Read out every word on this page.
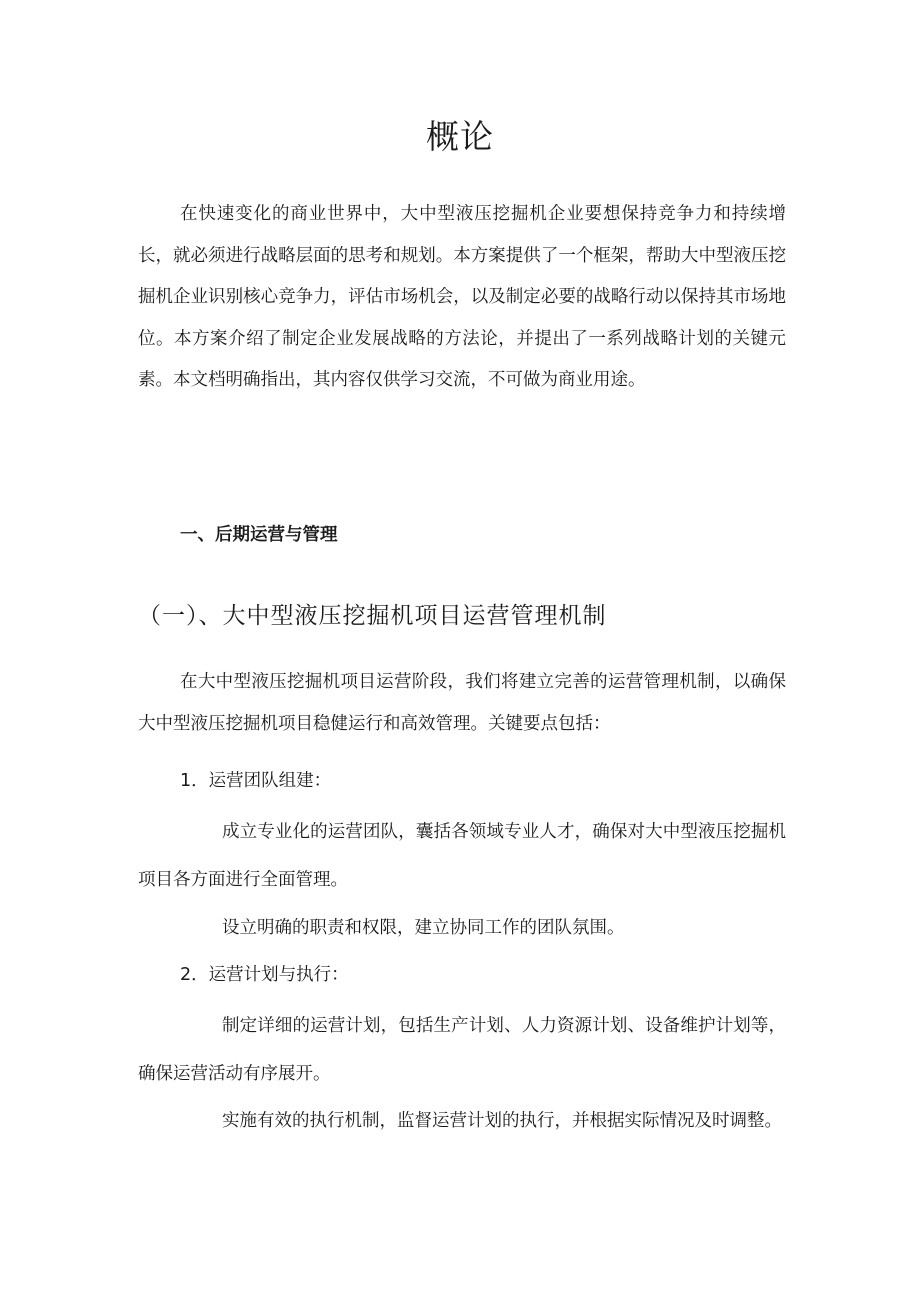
概论

在快速变化的商业世界中，大中型液压挖掘机企业要想保持竞争力和持续增长，就必须进行战略层面的思考和规划。本方案提供了一个框架，帮助大中型液压挖掘机企业识别核心竞争力，评估市场机会，以及制定必要的战略行动以保持其市场地位。本方案介绍了制定企业发展战略的方法论，并提出了一系列战略计划的关键元素。本文档明确指出，其内容仅供学习交流，不可做为商业用途。

一、后期运营与管理
（一）、大中型液压挖掘机项目运营管理机制

在大中型液压挖掘机项目运营阶段，我们将建立完善的运营管理机制，以确保大中型液压挖掘机项目稳健运行和高效管理。关键要点包括：

1．运营团队组建：

成立专业化的运营团队，囊括各领域专业人才，确保对大中型液压挖掘机项目各方面进行全面管理。

设立明确的职责和权限，建立协同工作的团队氛围。

2．运营计划与执行：

制定详细的运营计划，包括生产计划、人力资源计划、设备维护计划等，确保运营活动有序展开。

实施有效的执行机制，监督运营计划的执行，并根据实际情况及时调整。
